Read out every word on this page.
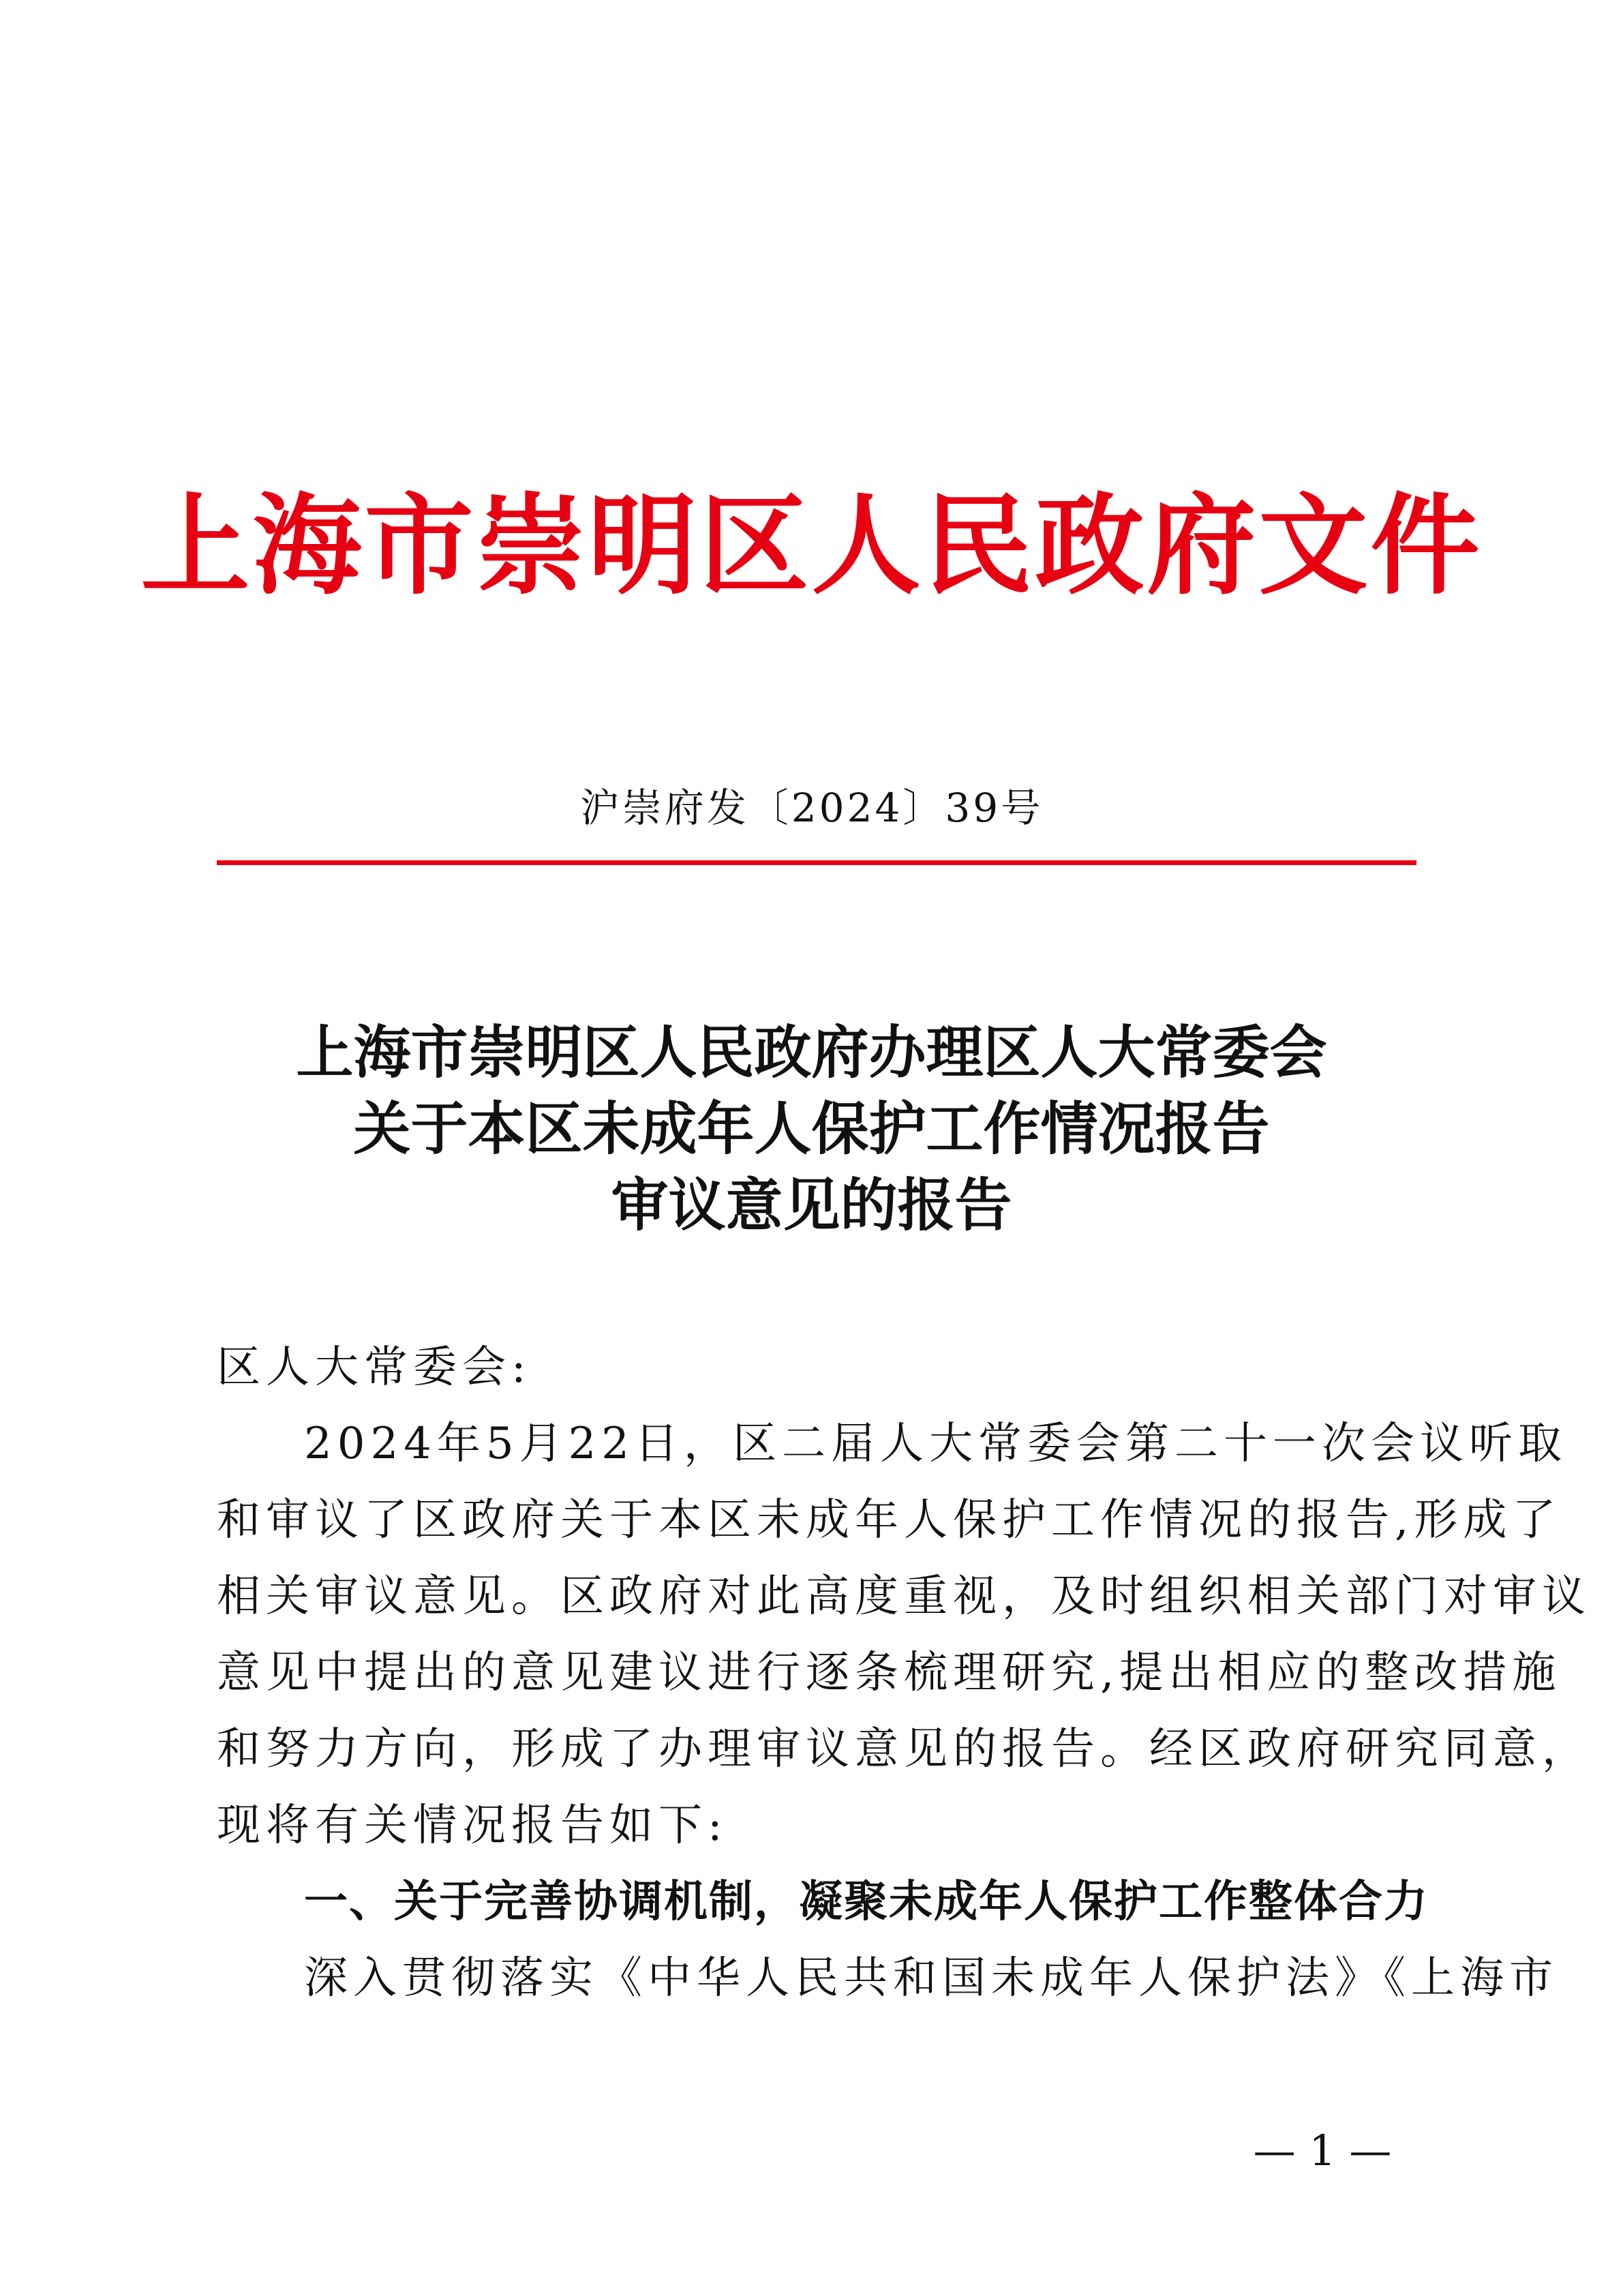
上海市崇明区人民政府文件
沪崇府发〔2024〕39号
上海市崇明区人民政府办理区人大常委会
关于本区未成年人保护工作情况报告
审议意见的报告
区人大常委会:
2024年5月22日，区二届人大常委会第二十一次会议听取
和审议了区政府关于本区未成年人保护工作情况的报告,形成了
相关审议意见。区政府对此高度重视，及时组织相关部门对审议
意见中提出的意见建议进行逐条梳理研究,提出相应的整改措施
和努力方向，形成了办理审议意见的报告。经区政府研究同意，
现将有关情况报告如下:
一、关于完善协调机制，凝聚未成年人保护工作整体合力
深入贯彻落实《中华人民共和国未成年人保护法》《上海市
— 1 —
